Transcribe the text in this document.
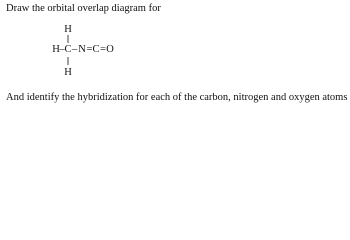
Draw the orbital overlap diagram for
H
H – C – N = C = O
H
And identify the hybridization for each of the carbon, nitrogen and oxygen atoms
